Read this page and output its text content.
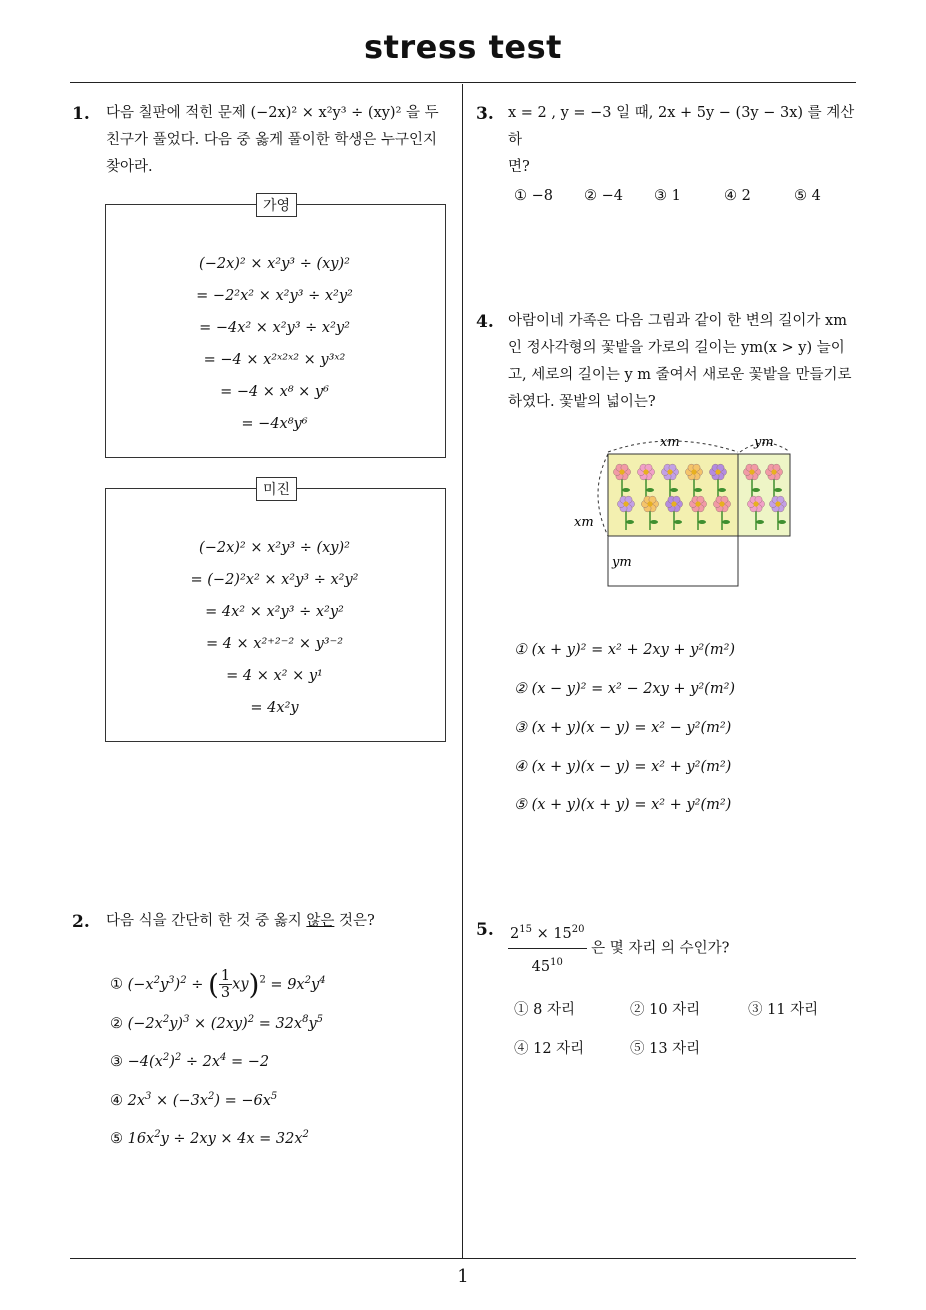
stress test
1
1. 다음 칠판에 적힌 문제 (−2x)² × x²y³ ÷ (xy)² 을 두
친구가 풀었다. 다음 중 옳게 풀이한 학생은 누구인지
찾아라.
가영
(−2x)² × x²y³ ÷ (xy)²
= −2²x² × x²y³ ÷ x²y²
= −4x² × x²y³ ÷ x²y²
= −4 × x²ˣ²ˣ² × y³ˣ²
= −4 × x⁸ × y⁶
= −4x⁸y⁶
미진
(−2x)² × x²y³ ÷ (xy)²
= (−2)²x² × x²y³ ÷ x²y²
= 4x² × x²y³ ÷ x²y²
= 4 × x²⁺²⁻² × y³⁻²
= 4 × x² × y¹
= 4x²y
2. 다음 식을 간단히 한 것 중 옳지 않은 것은?
① $(-x^2y^3)^2$ ÷ ( $\frac{1}{3} xy)^2 = 9x^2y^4$
② $(-2x^2y)^3 \times (2xy)^2 = 32x^8y^5$
③ $-4(x^2)^2 \div 2x^4 = -2$
④ $2x^3 \times (-3x^2) = -6x^5$
⑤ $16x^2y \div 2xy \times 4x = 32x^2$
3. x = 2 , y = −3 일 때, 2x + 5y − (3y − 3x) 를 계산하
면?
① −8 ② −4 ③ 1	④ 2	⑤ 4
4. 아람이네 가족은 다음 그림과 같이 한 변의 길이가 xm
인 정사각형의 꽃밭을 가로의 길이는 ym(x > y) 늘이
고, 세로의 길이는 y m 줄여서 새로운 꽃밭을 만들기로
하였다. 꽃밭의 넓이는?
xm	ym
xm
ym
① (x + y)² = x² + 2xy + y²(m²)
② (x − y)² = x² − 2xy + y²(m²)
③ (x + y)(x − y) = x² − y²(m²)
④ (x + y)(x − y) = x² + y²(m²)
⑤ (x + y)(x + y) = x² + y²(m²)
5. $\frac{2^{15} \times 15^{20}}{45^{10}}$ 은 몇 자리 의 수인가?
① 8 자리	② 10 자리	③ 11 자리
④ 12 자리	⑤ 13 자리
